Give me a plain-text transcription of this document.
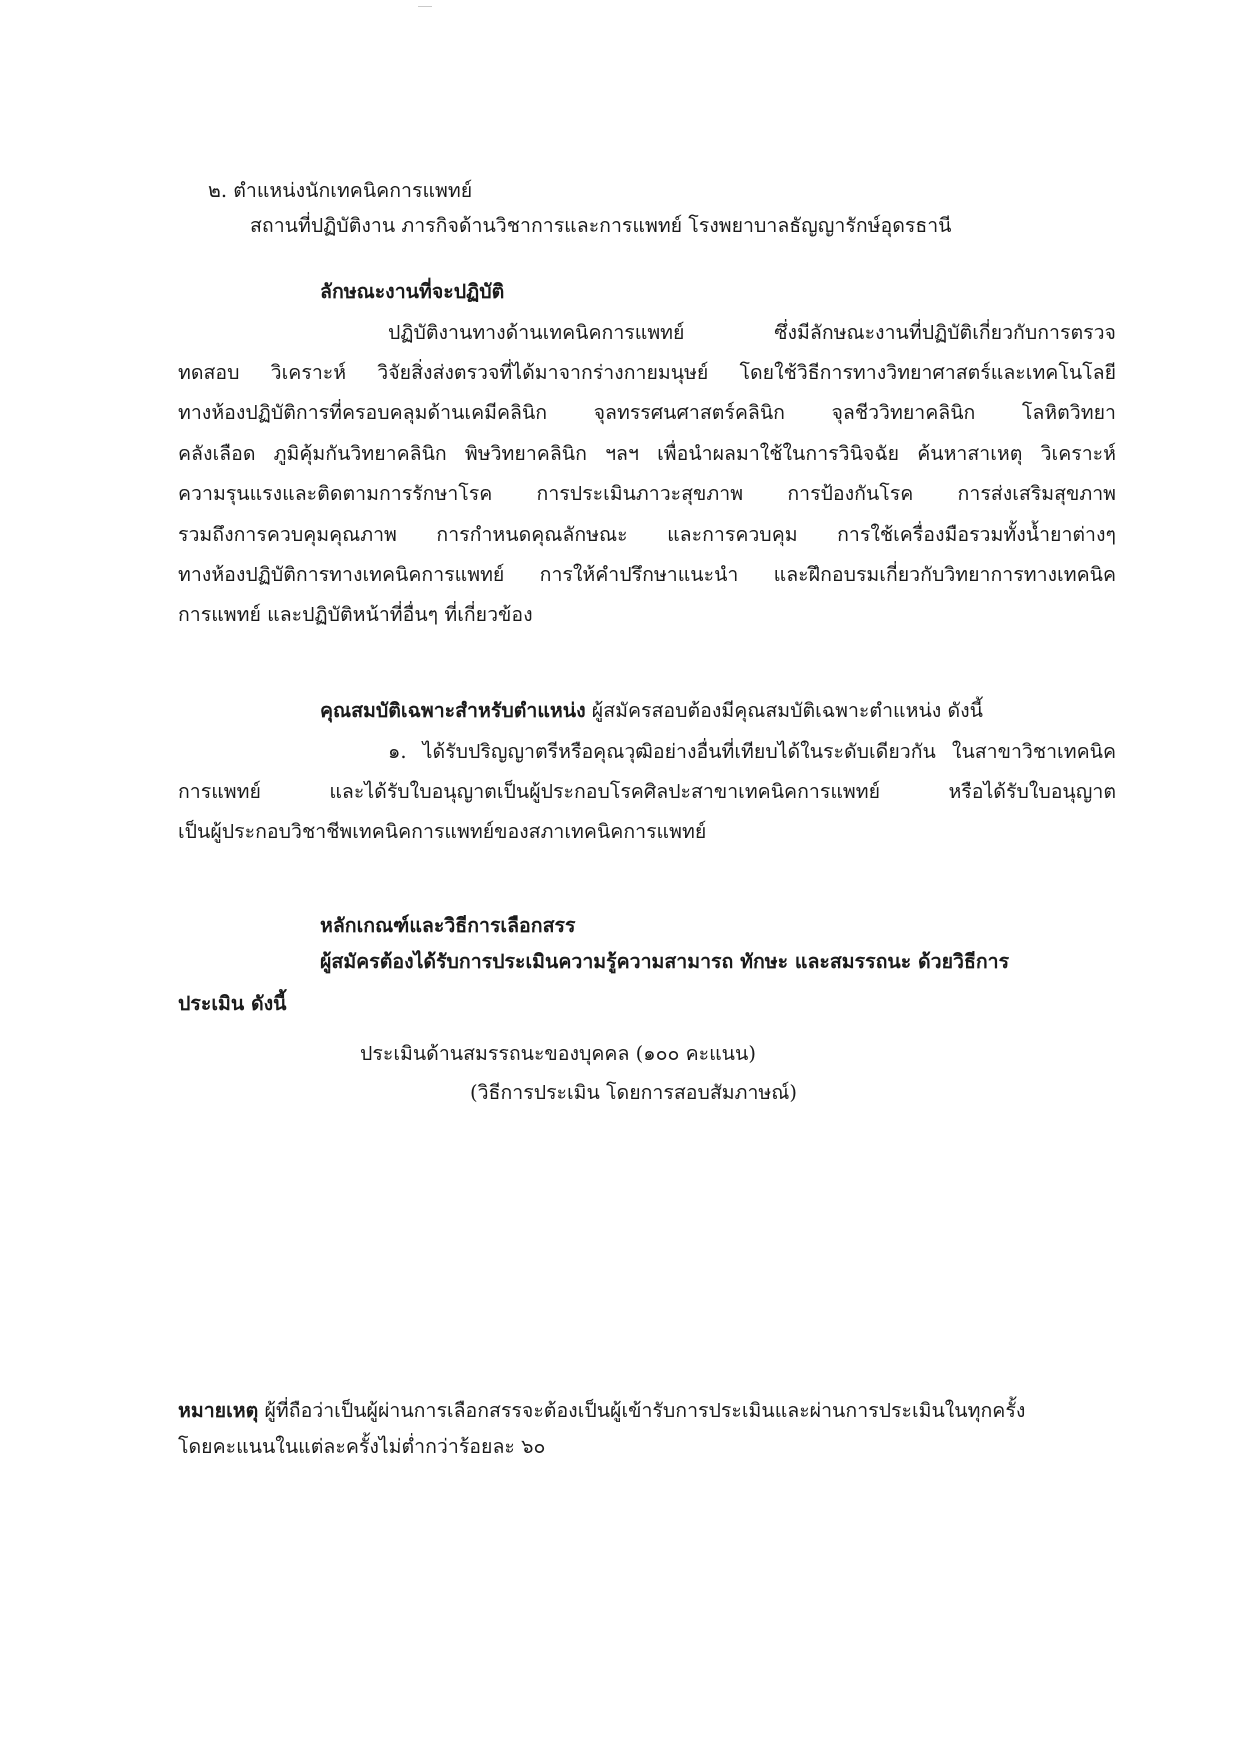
๒. ตำแหน่งนักเทคนิคการแพทย์
สถานที่ปฏิบัติงาน ภารกิจด้านวิชาการและการแพทย์ โรงพยาบาลธัญญารักษ์อุดรธานี
ลักษณะงานที่จะปฏิบัติ
ปฏิบัติงานทางด้านเทคนิคการแพทย์ ซึ่งมีลักษณะงานที่ปฏิบัติเกี่ยวกับการตรวจ
ทดสอบ วิเคราะห์ วิจัยสิ่งส่งตรวจที่ได้มาจากร่างกายมนุษย์ โดยใช้วิธีการทางวิทยาศาสตร์และเทคโนโลยี
ทางห้องปฏิบัติการที่ครอบคลุมด้านเคมีคลินิก จุลทรรศนศาสตร์คลินิก จุลชีววิทยาคลินิก โลหิตวิทยา
คลังเลือด ภูมิคุ้มกันวิทยาคลินิก พิษวิทยาคลินิก ฯลฯ เพื่อนำผลมาใช้ในการวินิจฉัย ค้นหาสาเหตุ วิเคราะห์
ความรุนแรงและติดตามการรักษาโรค การประเมินภาวะสุขภาพ การป้องกันโรค การส่งเสริมสุขภาพ
รวมถึงการควบคุมคุณภาพ การกำหนดคุณลักษณะ และการควบคุม การใช้เครื่องมือรวมทั้งน้ำยาต่างๆ
ทางห้องปฏิบัติการทางเทคนิคการแพทย์ การให้คำปรึกษาแนะนำ และฝึกอบรมเกี่ยวกับวิทยาการทางเทคนิค
การแพทย์ และปฏิบัติหน้าที่อื่นๆ ที่เกี่ยวข้อง
คุณสมบัติเฉพาะสำหรับตำแหน่ง ผู้สมัครสอบต้องมีคุณสมบัติเฉพาะตำแหน่ง ดังนี้
๑. ได้รับปริญญาตรีหรือคุณวุฒิอย่างอื่นที่เทียบได้ในระดับเดียวกัน ในสาขาวิชาเทคนิค
การแพทย์ และได้รับใบอนุญาตเป็นผู้ประกอบโรคศิลปะสาขาเทคนิคการแพทย์ หรือได้รับใบอนุญาต
เป็นผู้ประกอบวิชาชีพเทคนิคการแพทย์ของสภาเทคนิคการแพทย์
หลักเกณฑ์และวิธีการเลือกสรร
ผู้สมัครต้องได้รับการประเมินความรู้ความสามารถ ทักษะ และสมรรถนะ ด้วยวิธีการ
ประเมิน ดังนี้
ประเมินด้านสมรรถนะของบุคคล (๑๐๐ คะแนน)
(วิธีการประเมิน โดยการสอบสัมภาษณ์)
หมายเหตุ ผู้ที่ถือว่าเป็นผู้ผ่านการเลือกสรรจะต้องเป็นผู้เข้ารับการประเมินและผ่านการประเมินในทุกครั้ง
โดยคะแนนในแต่ละครั้งไม่ต่ำกว่าร้อยละ ๖๐
